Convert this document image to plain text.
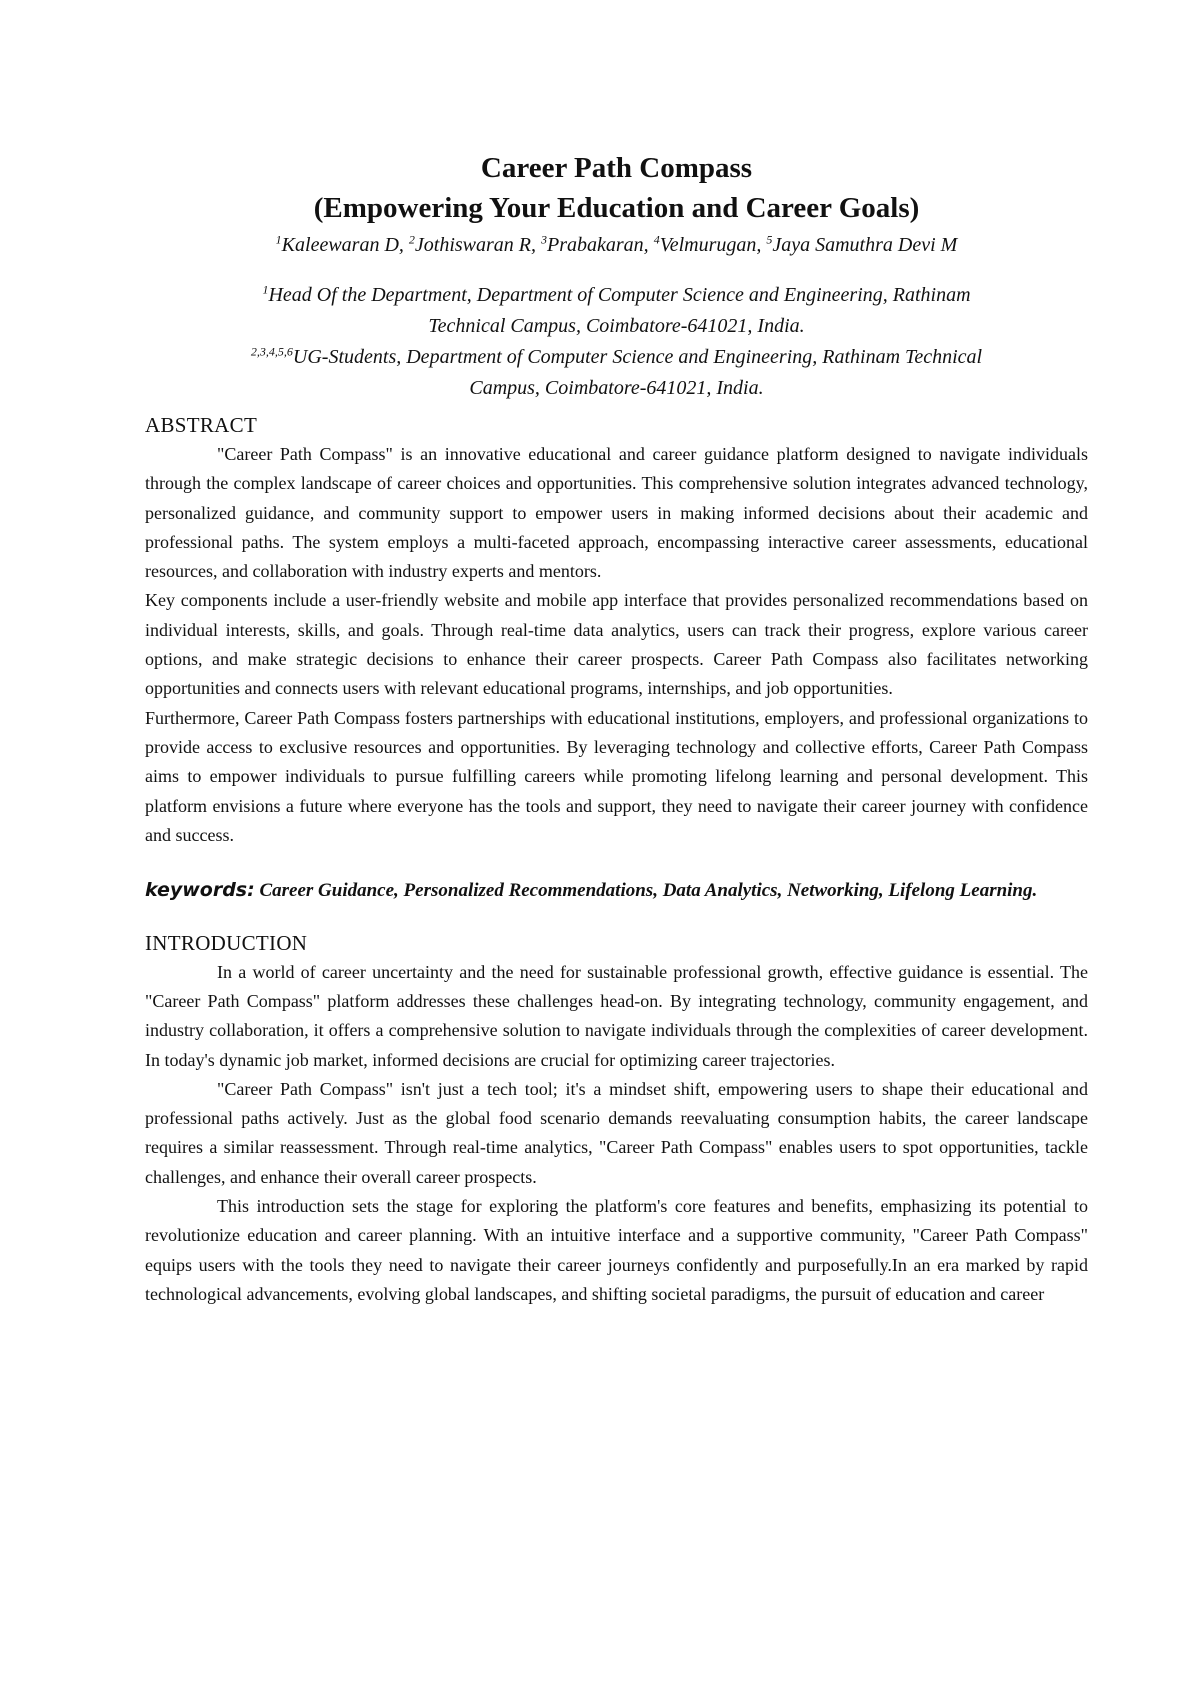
Career Path Compass
(Empowering Your Education and Career Goals)

$^1$Kaleewaran D, $^2$Jothiswaran R, $^3$Prabakaran, $^4$Velmurugan, $^5$Jaya Samuthra Devi M

$^1$Head Of the Department, Department of Computer Science and Engineering, Rathinam
Technical Campus, Coimbatore-641021, India.

$^{2,3,4,5,6}$UG-Students, Department of Computer Science and Engineering, Rathinam Technical
Campus, Coimbatore-641021, India.

ABSTRACT

"Career Path Compass" is an innovative educational and career guidance platform designed to navigate individuals through the complex landscape of career choices and opportunities. This comprehensive solution integrates advanced technology, personalized guidance, and community support to empower users in making informed decisions about their academic and professional paths. The system employs a multi-faceted approach, encompassing interactive career assessments, educational resources, and collaboration with industry experts and mentors.

Key components include a user-friendly website and mobile app interface that provides personalized recommendations based on individual interests, skills, and goals. Through real-time data analytics, users can track their progress, explore various career options, and make strategic decisions to enhance their career prospects. Career Path Compass also facilitates networking opportunities and connects users with relevant educational programs, internships, and job opportunities.

Furthermore, Career Path Compass fosters partnerships with educational institutions, employers, and professional organizations to provide access to exclusive resources and opportunities. By leveraging technology and collective efforts, Career Path Compass aims to empower individuals to pursue fulfilling careers while promoting lifelong learning and personal development. This platform envisions a future where everyone has the tools and support, they need to navigate their career journey with confidence and success.

keywords: Career Guidance, Personalized Recommendations, Data Analytics, Networking, Lifelong Learning.

INTRODUCTION

In a world of career uncertainty and the need for sustainable professional growth, effective guidance is essential. The "Career Path Compass" platform addresses these challenges head-on. By integrating technology, community engagement, and industry collaboration, it offers a comprehensive solution to navigate individuals through the complexities of career development. In today's dynamic job market, informed decisions are crucial for optimizing career trajectories.

"Career Path Compass" isn't just a tech tool; it's a mindset shift, empowering users to shape their educational and professional paths actively. Just as the global food scenario demands reevaluating consumption habits, the career landscape requires a similar reassessment. Through real-time analytics, "Career Path Compass" enables users to spot opportunities, tackle challenges, and enhance their overall career prospects.

This introduction sets the stage for exploring the platform's core features and benefits, emphasizing its potential to revolutionize education and career planning. With an intuitive interface and a supportive community, "Career Path Compass" equips users with the tools they need to navigate their career journeys confidently and purposefully.In an era marked by rapid technological advancements, evolving global landscapes, and shifting societal paradigms, the pursuit of education and career
